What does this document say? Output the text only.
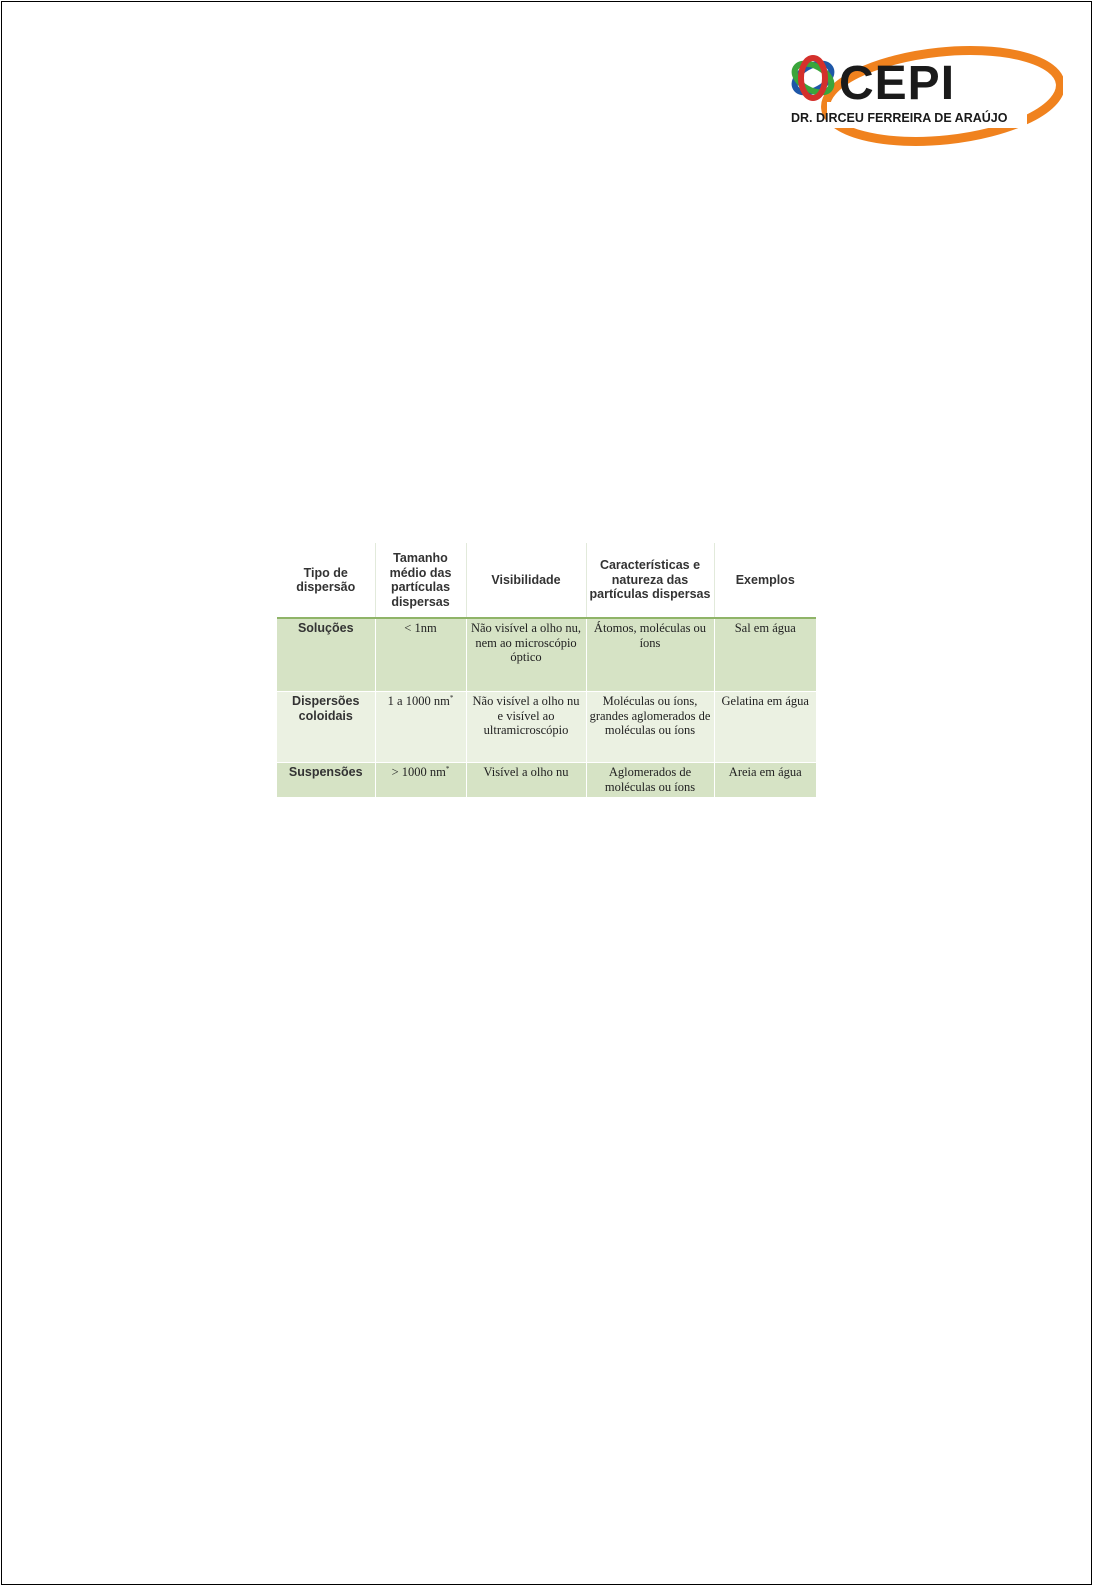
CEPI
DR. DIRCEU FERREIRA DE ARAÚJO
Tipo de dispersão	Tamanho médio das partículas dispersas	Visibilidade	Características e natureza das partículas dispersas	Exemplos
Soluções	< 1nm	Não visível a olho nu, nem ao microscópio óptico	Átomos, moléculas ou íons	Sal em água
Dispersões coloidais	1 a 1000 nm*	Não visível a olho nu e visível ao ultramicroscópio	Moléculas ou íons, grandes aglomerados de moléculas ou íons	Gelatina em água
Suspensões	> 1000 nm*	Visível a olho nu	Aglomerados de moléculas ou íons	Areia em água
